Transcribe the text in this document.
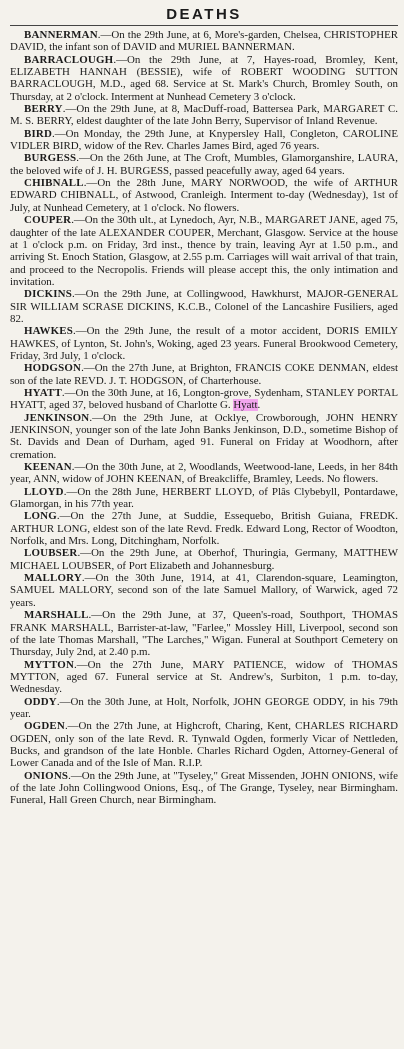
DEATHS

BANNERMAN.—On the 29th June, at 6, More's-garden, Chelsea, CHRISTOPHER DAVID, the infant son of DAVID and MURIEL BANNERMAN.

BARRACLOUGH.—On the 29th June, at 7, Hayes-road, Bromley, Kent, ELIZABETH HANNAH (BESSIE), wife of ROBERT WOODING SUTTON BARRACLOUGH, M.D., aged 68. Service at St. Mark's Church, Bromley South, on Thursday, at 2 o'clock. Interment at Nunhead Cemetery 3 o'clock.

BERRY.—On the 29th June, at 8, MacDuff-road, Battersea Park, MARGARET C. M. S. BERRY, eldest daughter of the late John Berry, Supervisor of Inland Revenue.

BIRD.—On Monday, the 29th June, at Knypersley Hall, Congleton, CAROLINE VIDLER BIRD, widow of the Rev. Charles James Bird, aged 76 years.

BURGESS.—On the 26th June, at The Croft, Mumbles, Glamorganshire, LAURA, the beloved wife of J. H. BURGESS, passed peacefully away, aged 64 years.

CHIBNALL.—On the 28th June, MARY NORWOOD, the wife of ARTHUR EDWARD CHIBNALL, of Astwood, Cranleigh. Interment to-day (Wednesday), 1st of July, at Nunhead Cemetery, at 1 o'clock. No flowers.

COUPER.—On the 30th ult., at Lynedoch, Ayr, N.B., MARGARET JANE, aged 75, daughter of the late ALEXANDER COUPER, Merchant, Glasgow. Service at the house at 1 o'clock p.m. on Friday, 3rd inst., thence by train, leaving Ayr at 1.50 p.m., and arriving St. Enoch Station, Glasgow, at 2.55 p.m. Carriages will wait arrival of that train, and proceed to the Necropolis. Friends will please accept this, the only intimation and invitation.

DICKINS.—On the 29th June, at Collingwood, Hawkhurst, MAJOR-GENERAL SIR WILLIAM SCRASE DICKINS, K.C.B., Colonel of the Lancashire Fusiliers, aged 82.

HAWKES.—On the 29th June, the result of a motor accident, DORIS EMILY HAWKES, of Lynton, St. John's, Woking, aged 23 years. Funeral Brookwood Cemetery, Friday, 3rd July, 1 o'clock.

HODGSON.—On the 27th June, at Brighton, FRANCIS COKE DENMAN, eldest son of the late REVD. J. T. HODGSON, of Charterhouse.

HYATT.—On the 30th June, at 16, Longton-grove, Sydenham, STANLEY PORTAL HYATT, aged 37, beloved husband of Charlotte G. Hyatt.

JENKINSON.—On the 29th June, at Ocklye, Crowborough, JOHN HENRY JENKINSON, younger son of the late John Banks Jenkinson, D.D., sometime Bishop of St. Davids and Dean of Durham, aged 91. Funeral on Friday at Woodhorn, after cremation.

KEENAN.—On the 30th June, at 2, Woodlands, Weetwood-lane, Leeds, in her 84th year, ANN, widow of JOHN KEENAN, of Breakcliffe, Bramley, Leeds. No flowers.

LLOYD.—On the 28th June, HERBERT LLOYD, of Plâs Clybebyll, Pontardawe, Glamorgan, in his 77th year.

LONG.—On the 27th June, at Suddie, Essequebo, British Guiana, FREDK. ARTHUR LONG, eldest son of the late Revd. Fredk. Edward Long, Rector of Woodton, Norfolk, and Mrs. Long, Ditchingham, Norfolk.

LOUBSER.—On the 29th June, at Oberhof, Thuringia, Germany, MATTHEW MICHAEL LOUBSER, of Port Elizabeth and Johannesburg.

MALLORY.—On the 30th June, 1914, at 41, Clarendon-square, Leamington, SAMUEL MALLORY, second son of the late Samuel Mallory, of Warwick, aged 72 years.

MARSHALL.—On the 29th June, at 37, Queen's-road, Southport, THOMAS FRANK MARSHALL, Barrister-at-law, "Farlee," Mossley Hill, Liverpool, second son of the late Thomas Marshall, "The Larches," Wigan. Funeral at Southport Cemetery on Thursday, July 2nd, at 2.40 p.m.

MYTTON.—On the 27th June, MARY PATIENCE, widow of THOMAS MYTTON, aged 67. Funeral service at St. Andrew's, Surbiton, 1 p.m. to-day, Wednesday.

ODDY.—On the 30th June, at Holt, Norfolk, JOHN GEORGE ODDY, in his 79th year.

OGDEN.—On the 27th June, at Highcroft, Charing, Kent, CHARLES RICHARD OGDEN, only son of the late Revd. R. Tynwald Ogden, formerly Vicar of Nettleden, Bucks, and grandson of the late Honble. Charles Richard Ogden, Attorney-General of Lower Canada and of the Isle of Man. R.I.P.

ONIONS.—On the 29th June, at "Tyseley," Great Missenden, JOHN ONIONS, wife of the late John Collingwood Onions, Esq., of The Grange, Tyseley, near Birmingham. Funeral, Hall Green Church, near Birmingham.
